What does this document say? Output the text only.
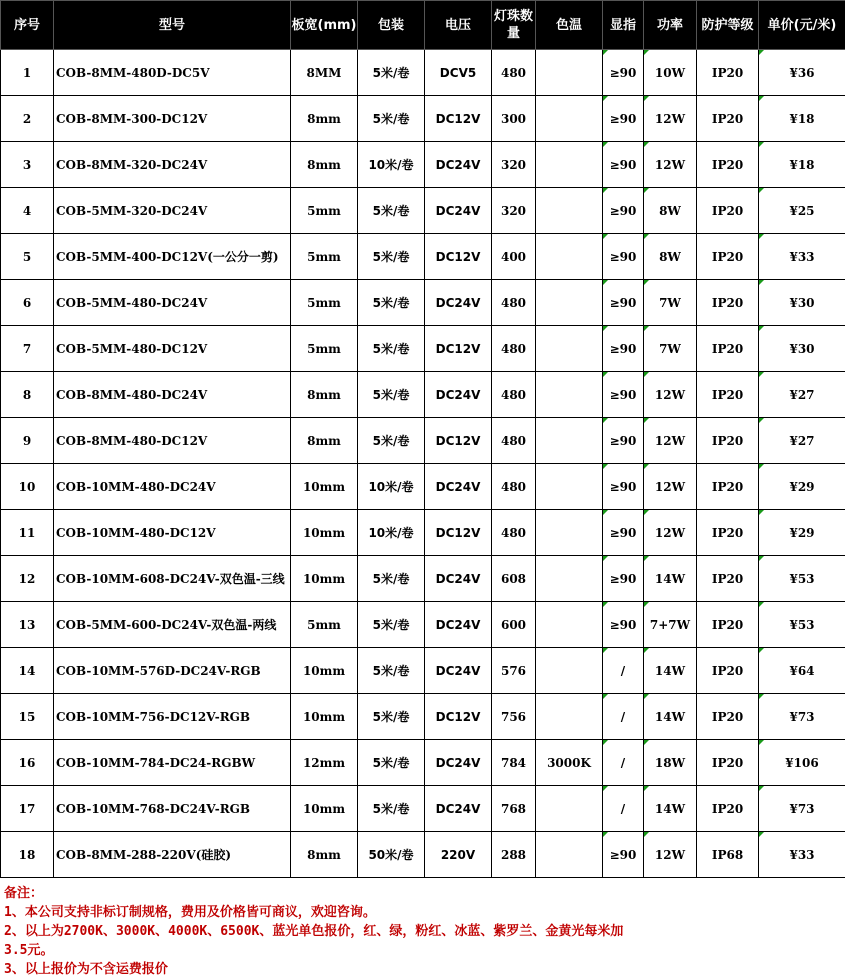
序号	型号	板宽(mm)	包装	电压	灯珠数量	色温	显指	功率	防护等级	单价(元/米)
1	COB-8MM-480D-DC5V	8MM	5米/卷	DCV5	480		≥90	10W	IP20	¥36
2	COB-8MM-300-DC12V	8mm	5米/卷	DC12V	300		≥90	12W	IP20	¥18
3	COB-8MM-320-DC24V	8mm	10米/卷	DC24V	320		≥90	12W	IP20	¥18
4	COB-5MM-320-DC24V	5mm	5米/卷	DC24V	320		≥90	8W	IP20	¥25
5	COB-5MM-400-DC12V(一公分一剪)	5mm	5米/卷	DC12V	400		≥90	8W	IP20	¥33
6	COB-5MM-480-DC24V	5mm	5米/卷	DC24V	480		≥90	7W	IP20	¥30
7	COB-5MM-480-DC12V	5mm	5米/卷	DC12V	480		≥90	7W	IP20	¥30
8	COB-8MM-480-DC24V	8mm	5米/卷	DC24V	480		≥90	12W	IP20	¥27
9	COB-8MM-480-DC12V	8mm	5米/卷	DC12V	480		≥90	12W	IP20	¥27
10	COB-10MM-480-DC24V	10mm	10米/卷	DC24V	480		≥90	12W	IP20	¥29
11	COB-10MM-480-DC12V	10mm	10米/卷	DC12V	480		≥90	12W	IP20	¥29
12	COB-10MM-608-DC24V-双色温-三线	10mm	5米/卷	DC24V	608		≥90	14W	IP20	¥53
13	COB-5MM-600-DC24V-双色温-两线	5mm	5米/卷	DC24V	600		≥90	7+7W	IP20	¥53
14	COB-10MM-576D-DC24V-RGB	10mm	5米/卷	DC24V	576		/	14W	IP20	¥64
15	COB-10MM-756-DC12V-RGB	10mm	5米/卷	DC12V	756		/	14W	IP20	¥73
16	COB-10MM-784-DC24-RGBW	12mm	5米/卷	DC24V	784	3000K	/	18W	IP20	¥106
17	COB-10MM-768-DC24V-RGB	10mm	5米/卷	DC24V	768		/	14W	IP20	¥73
18	COB-8MM-288-220V(硅胶)	8mm	50米/卷	220V	288		≥90	12W	IP68	¥33
备注：
1、本公司支持非标订制规格，费用及价格皆可商议，欢迎咨询。
2、以上为2700K、3000K、4000K、6500K、蓝光单色报价，红、绿，粉红、冰蓝、紫罗兰、金黄光每米加
3.5元。
3、以上报价为不含运费报价
